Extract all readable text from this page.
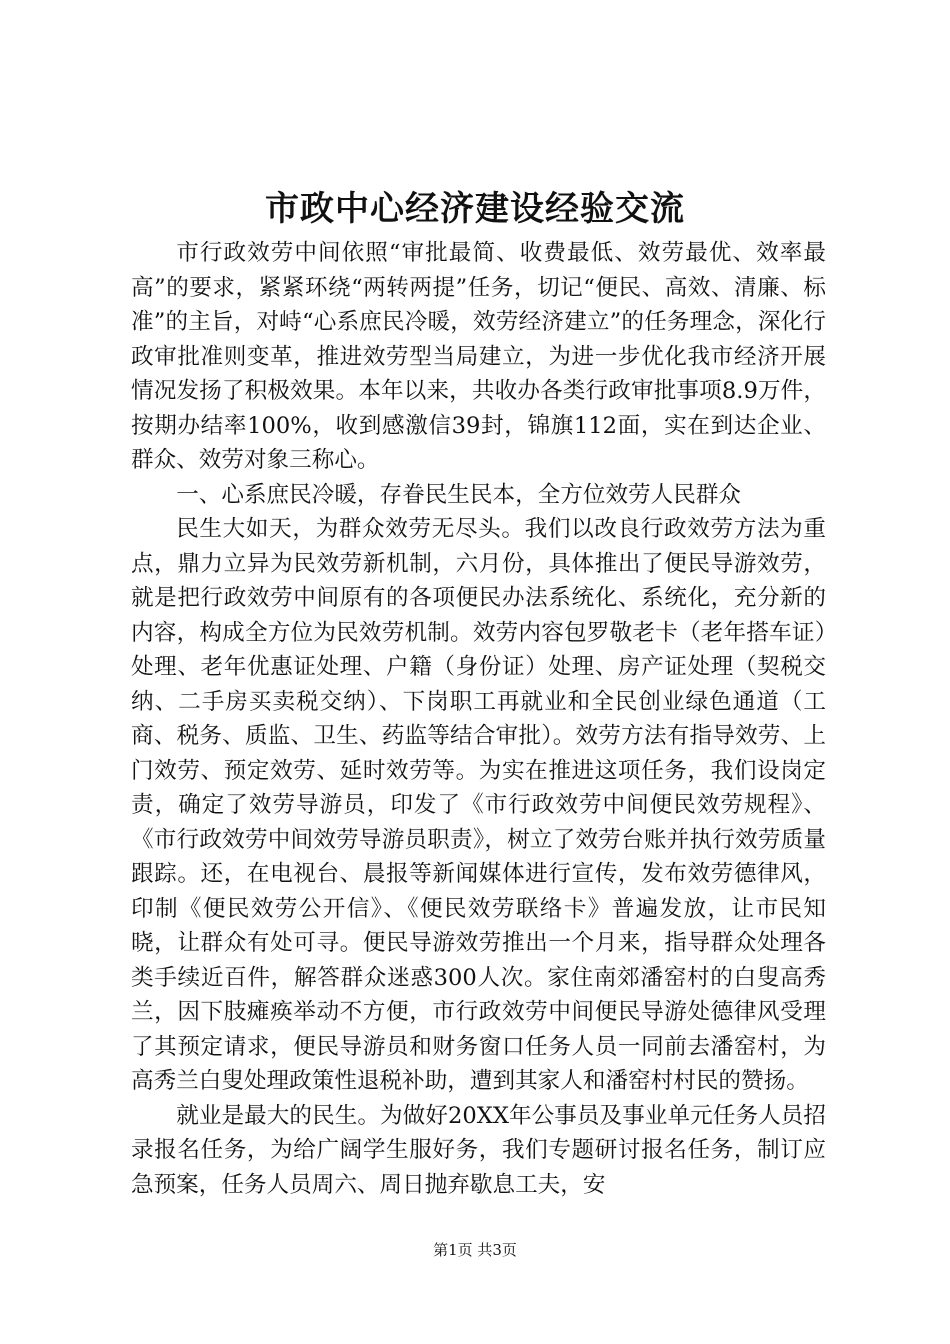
市政中心经济建设经验交流

市行政效劳中间依照“审批最简、收费最低、效劳最优、效率最高”的要求，紧紧环绕“两转两提”任务，切记“便民、高效、清廉、标准”的主旨，对峙“心系庶民冷暖，效劳经济建立”的任务理念，深化行政审批准则变革，推进效劳型当局建立，为进一步优化我市经济开展情况发扬了积极效果。本年以来，共收办各类行政审批事项8.9万件，按期办结率100%，收到感激信39封，锦旗112面，实在到达企业、群众、效劳对象三称心。

一、心系庶民冷暖，存眷民生民本，全方位效劳人民群众

民生大如天，为群众效劳无尽头。我们以改良行政效劳方法为重点，鼎力立异为民效劳新机制，六月份，具体推出了便民导游效劳，就是把行政效劳中间原有的各项便民办法系统化、系统化，充分新的内容，构成全方位为民效劳机制。效劳内容包罗敬老卡（老年搭车证）处理、老年优惠证处理、户籍（身份证）处理、房产证处理（契税交纳、二手房买卖税交纳）、下岗职工再就业和全民创业绿色通道（工商、税务、质监、卫生、药监等结合审批）。效劳方法有指导效劳、上门效劳、预定效劳、延时效劳等。为实在推进这项任务，我们设岗定责，确定了效劳导游员，印发了《市行政效劳中间便民效劳规程》、《市行政效劳中间效劳导游员职责》，树立了效劳台账并执行效劳质量跟踪。还，在电视台、晨报等新闻媒体进行宣传，发布效劳德律风，印制《便民效劳公开信》、《便民效劳联络卡》普遍发放，让市民知晓，让群众有处可寻。便民导游效劳推出一个月来，指导群众处理各类手续近百件，解答群众迷惑300人次。家住南郊潘窑村的白叟高秀兰，因下肢瘫痪举动不方便，市行政效劳中间便民导游处德律风受理了其预定请求，便民导游员和财务窗口任务人员一同前去潘窑村，为高秀兰白叟处理政策性退税补助，遭到其家人和潘窑村村民的赞扬。

就业是最大的民生。为做好20XX年公事员及事业单元任务人员招录报名任务，为给广阔学生服好务，我们专题研讨报名任务，制订应急预案，任务人员周六、周日抛弃歇息工夫，安

第1页 共3页
